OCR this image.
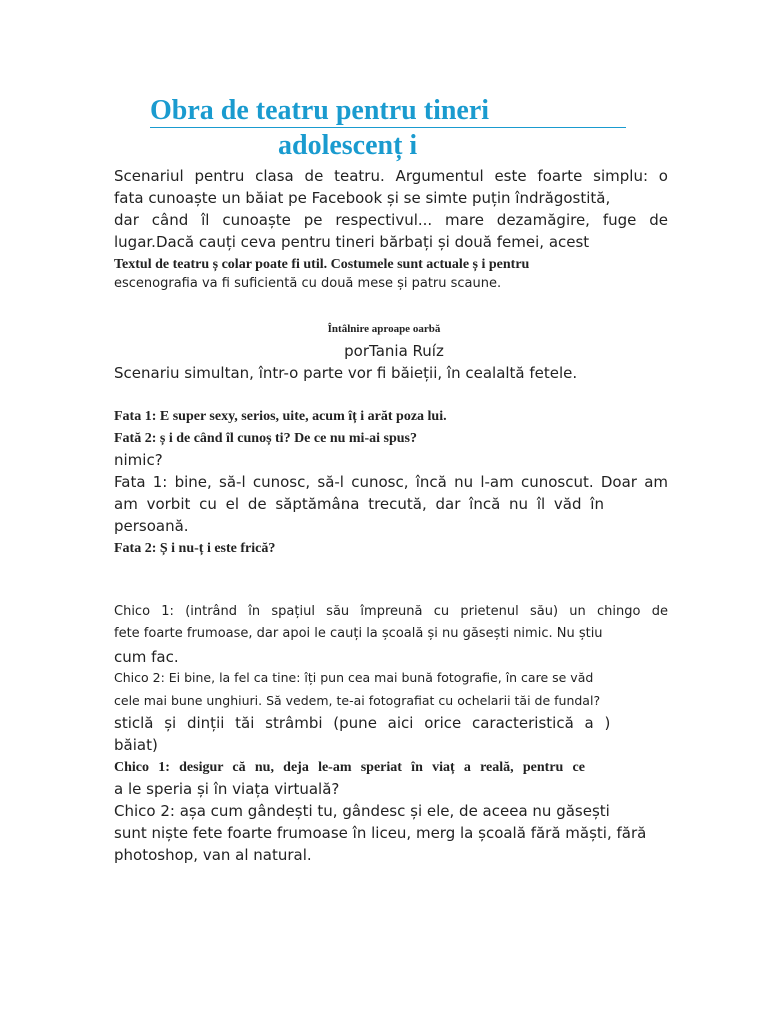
Obra de teatru pentru tineri
adolescenț i
Scenariul pentru clasa de teatru. Argumentul este foarte simplu: o
fata cunoaște un băiat pe Facebook și se simte puțin îndrăgostită,
dar când îl cunoaște pe respectivul... mare dezamăgire, fuge de
lugar.Dacă cauți ceva pentru tineri bărbați și două femei, acest
Textul de teatru ș colar poate fi util. Costumele sunt actuale ș i pentru
escenografia va fi suficientă cu două mese și patru scaune.
Întâlnire aproape oarbă
porTania Ruíz
Scenariu simultan, într-o parte vor fi băieții, în cealaltă fetele.
Fata 1: E super sexy, serios, uite, acum îț i arăt poza lui.
Fată 2: ș i de când îl cunoș ti? De ce nu mi-ai spus?
nimic?
Fata 1: bine, să-l cunosc, să-l cunosc, încă nu l-am cunoscut. Doar am
am vorbit cu el de săptămâna trecută, dar încă nu îl văd în
persoană.
Fata 2: Ș i nu-ț i este frică?
Chico 1: (intrând în spațiul său împreună cu prietenul său) un chingo de
fete foarte frumoase, dar apoi le cauți la școală și nu găsești nimic. Nu știu
cum fac.
Chico 2: Ei bine, la fel ca tine: îți pun cea mai bună fotografie, în care se văd
cele mai bune unghiuri. Să vedem, te-ai fotografiat cu ochelarii tăi de fundal?
sticlă și dinții tăi strâmbi (pune aici orice caracteristică a )
băiat)
Chico 1: desigur că nu, deja le-am speriat în viaț a reală, pentru ce
a le speria și în viața virtuală?
Chico 2: așa cum gândești tu, gândesc și ele, de aceea nu găsești
sunt niște fete foarte frumoase în liceu, merg la școală fără măști, fără
photoshop, van al natural.
